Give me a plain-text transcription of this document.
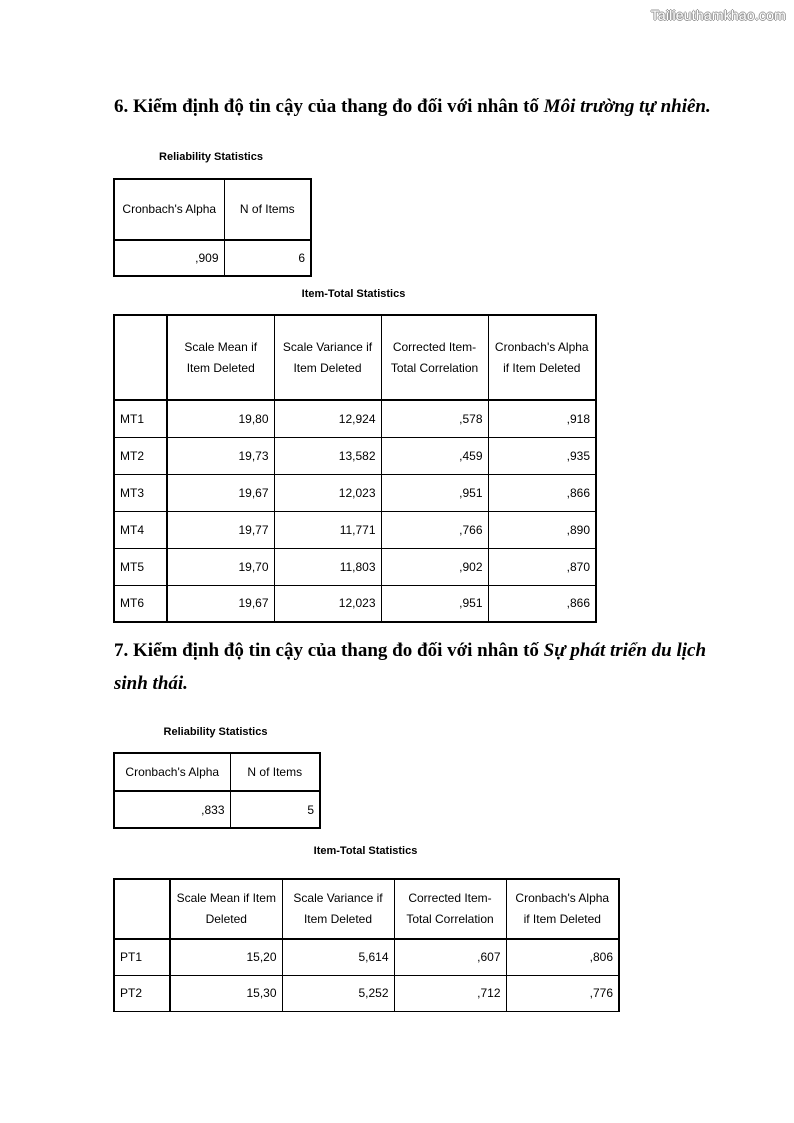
Tailieuthamkhao.com
6. Kiểm định độ tin cậy của thang đo đối với nhân tố Môi trường tự nhiên.
Reliability Statistics
Cronbach's Alpha	N of Items
,909	6
Item-Total Statistics
	Scale Mean if Item Deleted	Scale Variance if Item Deleted	Corrected Item-Total Correlation	Cronbach's Alpha if Item Deleted
MT1	19,80	12,924	,578	,918
MT2	19,73	13,582	,459	,935
MT3	19,67	12,023	,951	,866
MT4	19,77	11,771	,766	,890
MT5	19,70	11,803	,902	,870
MT6	19,67	12,023	,951	,866
7. Kiểm định độ tin cậy của thang đo đối với nhân tố Sự phát triển du lịch sinh thái.
Reliability Statistics
Cronbach's Alpha	N of Items
,833	5
Item-Total Statistics
	Scale Mean if Item Deleted	Scale Variance if Item Deleted	Corrected Item-Total Correlation	Cronbach's Alpha if Item Deleted
PT1	15,20	5,614	,607	,806
PT2	15,30	5,252	,712	,776
